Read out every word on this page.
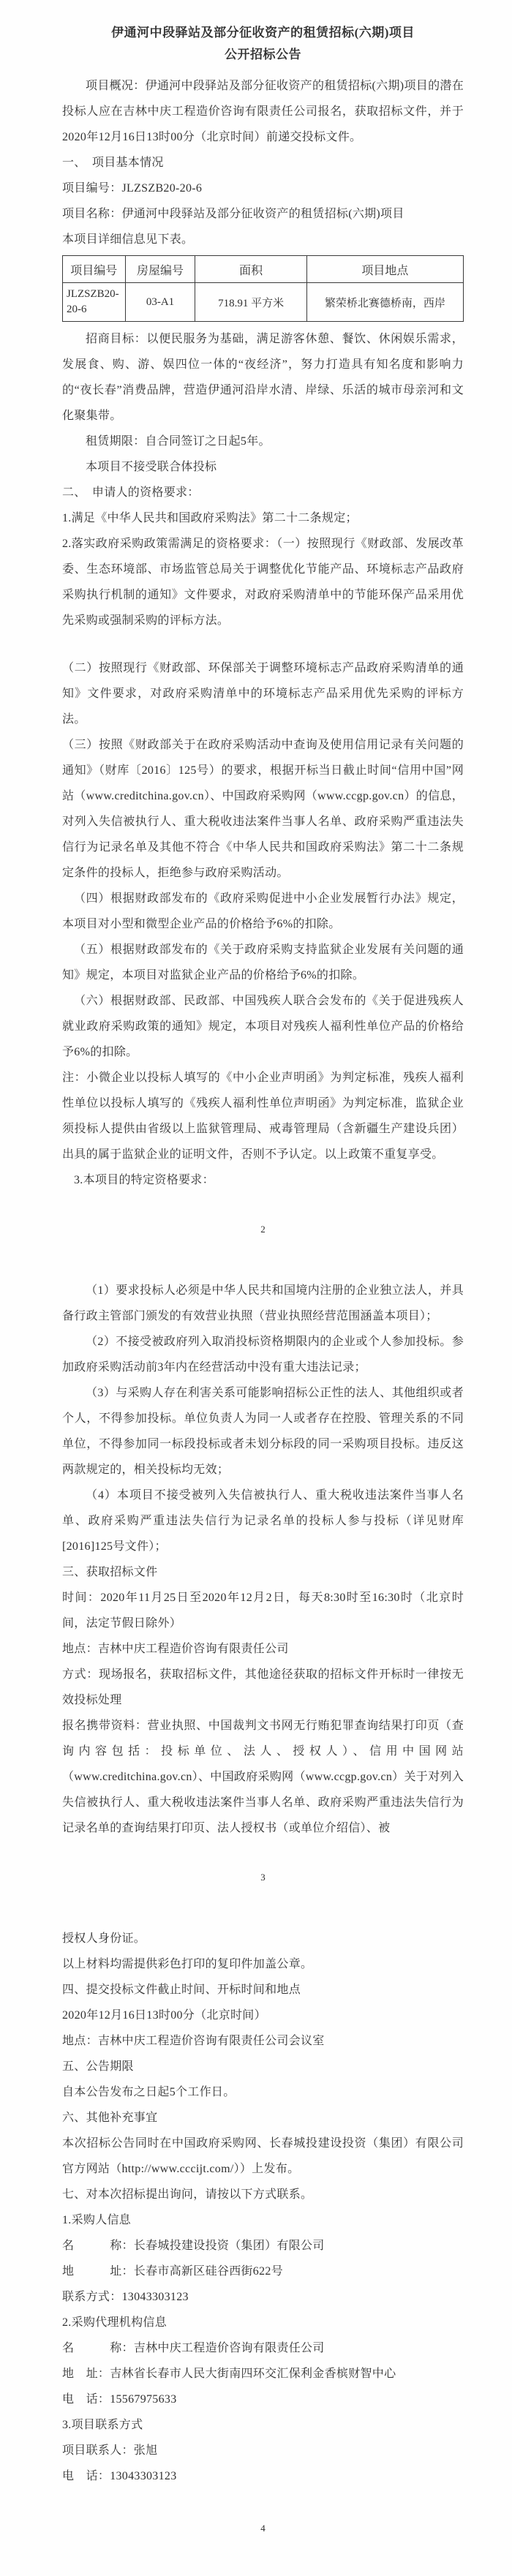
伊通河中段驿站及部分征收资产的租赁招标(六期)项目
公开招标公告
项目概况：伊通河中段驿站及部分征收资产的租赁招标(六期)项目的潜在投标人应在吉林中庆工程造价咨询有限责任公司报名，获取招标文件，并于2020年12月16日13时00分（北京时间）前递交投标文件。
一、　项目基本情况
项目编号：JLZSZB20-20-6
项目名称：伊通河中段驿站及部分征收资产的租赁招标(六期)项目
本项目详细信息见下表。
项目编号	房屋编号	面积	项目地点
JLZSZB20-20-6	03-A1	718.91 平方米	繁荣桥北赛德桥南，西岸
招商目标：以便民服务为基础，满足游客休憩、餐饮、休闲娱乐需求，发展食、购、游、娱四位一体的“夜经济”，努力打造具有知名度和影响力的“夜长春”消费品牌，营造伊通河沿岸水清、岸绿、乐活的城市母亲河和文化聚集带。
租赁期限：自合同签订之日起5年。
本项目不接受联合体投标
二、　申请人的资格要求：
1.满足《中华人民共和国政府采购法》第二十二条规定；
2.落实政府采购政策需满足的资格要求：（一）按照现行《财政部、发展改革委、生态环境部、市场监管总局关于调整优化节能产品、环境标志产品政府采购执行机制的通知》文件要求，对政府采购清单中的节能环保产品采用优先采购或强制采购的评标方法。
（二）按照现行《财政部、环保部关于调整环境标志产品政府采购清单的通知》文件要求，对政府采购清单中的环境标志产品采用优先采购的评标方法。
（三）按照《财政部关于在政府采购活动中查询及使用信用记录有关问题的通知》（财库〔2016〕125号）的要求，根据开标当日截止时间“信用中国”网站（www.creditchina.gov.cn）、中国政府采购网（www.ccgp.gov.cn）的信息，对列入失信被执行人、重大税收违法案件当事人名单、政府采购严重违法失信行为记录名单及其他不符合《中华人民共和国政府采购法》第二十二条规定条件的投标人，拒绝参与政府采购活动。
（四）根据财政部发布的《政府采购促进中小企业发展暂行办法》规定，本项目对小型和微型企业产品的价格给予6%的扣除。
（五）根据财政部发布的《关于政府采购支持监狱企业发展有关问题的通知》规定，本项目对监狱企业产品的价格给予6%的扣除。
（六）根据财政部、民政部、中国残疾人联合会发布的《关于促进残疾人就业政府采购政策的通知》规定，本项目对残疾人福利性单位产品的价格给予6%的扣除。
注：小微企业以投标人填写的《中小企业声明函》为判定标准，残疾人福利性单位以投标人填写的《残疾人福利性单位声明函》为判定标准，监狱企业须投标人提供由省级以上监狱管理局、戒毒管理局（含新疆生产建设兵团）出具的属于监狱企业的证明文件，否则不予认定。以上政策不重复享受。
3.本项目的特定资格要求：
2
（1）要求投标人必须是中华人民共和国境内注册的企业独立法人，并具备行政主管部门颁发的有效营业执照（营业执照经营范围涵盖本项目）；
（2）不接受被政府列入取消投标资格期限内的企业或个人参加投标。参加政府采购活动前3年内在经营活动中没有重大违法记录；
（3）与采购人存在利害关系可能影响招标公正性的法人、其他组织或者个人，不得参加投标。单位负责人为同一人或者存在控股、管理关系的不同单位，不得参加同一标段投标或者未划分标段的同一采购项目投标。违反这两款规定的，相关投标均无效；
（4）本项目不接受被列入失信被执行人、重大税收违法案件当事人名单、政府采购严重违法失信行为记录名单的投标人参与投标（详见财库[2016]125号文件）；
三、获取招标文件
时间：2020年11月25日至2020年12月2日，每天8:30时至16:30时（北京时间，法定节假日除外）
地点：吉林中庆工程造价咨询有限责任公司
方式：现场报名，获取招标文件，其他途径获取的招标文件开标时一律按无效投标处理
报名携带资料：营业执照、中国裁判文书网无行贿犯罪查询结果打印页（查询内容包括：投标单位、法人、授权人）、信用中国网站（www.creditchina.gov.cn）、中国政府采购网（www.ccgp.gov.cn）关于对列入失信被执行人、重大税收违法案件当事人名单、政府采购严重违法失信行为记录名单的查询结果打印页、法人授权书（或单位介绍信）、被
3
授权人身份证。
以上材料均需提供彩色打印的复印件加盖公章。
四、提交投标文件截止时间、开标时间和地点
2020年12月16日13时00分（北京时间）
地点：吉林中庆工程造价咨询有限责任公司会议室
五、公告期限
自本公告发布之日起5个工作日。
六、其他补充事宜
本次招标公告同时在中国政府采购网、长春城投建设投资（集团）有限公司官方网站（http://www.cccijt.com/））上发布。
七、对本次招标提出询问，请按以下方式联系。
1.采购人信息
名　　　称：长春城投建设投资（集团）有限公司
地　　　址：长春市高新区硅谷西街622号
联系方式：13043303123
2.采购代理机构信息
名　　　称：吉林中庆工程造价咨询有限责任公司
地　址：吉林省长春市人民大街南四环交汇保利金香槟财智中心
电　话：15567975633
3.项目联系方式
项目联系人：张旭
电　话：13043303123
4
